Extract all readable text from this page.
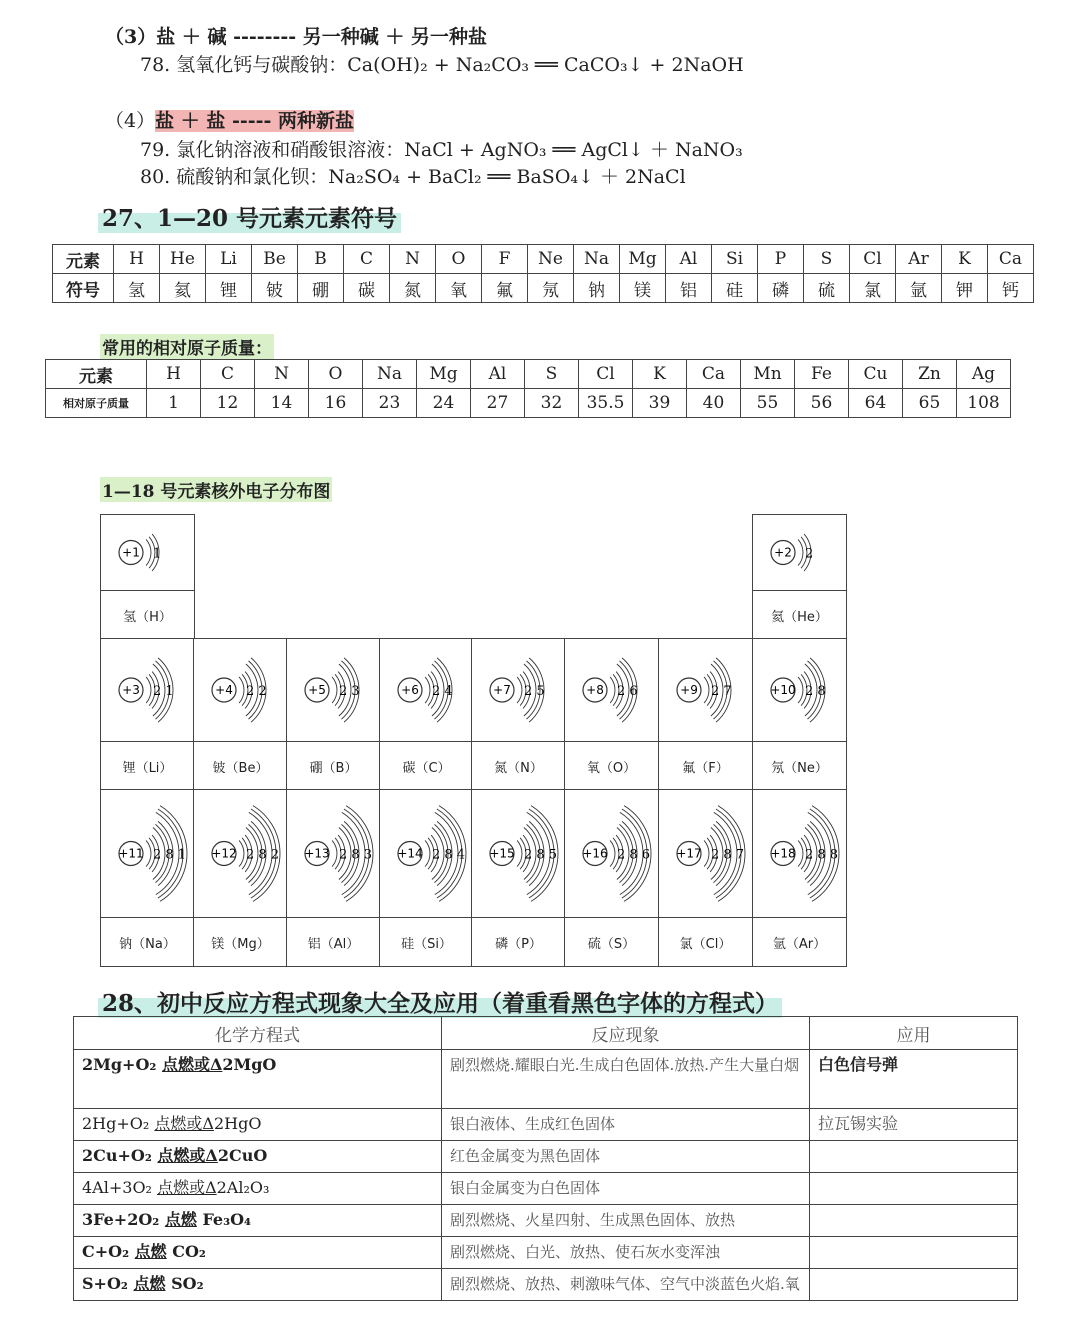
（3）盐 ＋ 碱 -------- 另一种碱 ＋ 另一种盐
78. 氢氧化钙与碳酸钠：Ca(OH)₂ + Na₂CO₃ ══ CaCO₃↓ + 2NaOH
（4）盐 ＋ 盐 ----- 两种新盐
79. 氯化钠溶液和硝酸银溶液：NaCl + AgNO₃ ══ AgCl↓ ＋ NaNO₃
80. 硫酸钠和氯化钡：Na₂SO₄ + BaCl₂ ══ BaSO₄↓ ＋ 2NaCl
27、1—20 号元素元素符号
元素	H	He	Li	Be	B	C	N	O	F	Ne	Na	Mg	Al	Si	P	S	Cl	Ar	K	Ca
符号	氢	氦	锂	铍	硼	碳	氮	氧	氟	氖	钠	镁	铝	硅	磷	硫	氯	氩	钾	钙
常用的相对原子质量：
元素	H	C	N	O	Na	Mg	Al	S	Cl	K	Ca	Mn	Fe	Cu	Zn	Ag
相对原子质量	1	12	14	16	23	24	27	32	35.5	39	40	55	56	64	65	108
1—18 号元素核外电子分布图
+1 1
氢（H）
+2 2
氦（He）
+3 2 1
锂（Li）
+4 2 2
铍（Be）
+5 2 3
硼（B）
+6 2 4
碳（C）
+7 2 5
氮（N）
+8 2 6
氧（O）
+9 2 7
氟（F）
+10 2 8
氖（Ne）
+11 2 8 1
钠（Na）
+12 2 8 2
镁（Mg）
+13 2 8 3
铝（Al）
+14 2 8 4
硅（Si）
+15 2 8 5
磷（P）
+16 2 8 6
硫（S）
+17 2 8 7
氯（Cl）
+18 2 8 8
氩（Ar）
28、初中反应方程式现象大全及应用（着重看黑色字体的方程式）
化学方程式	反应现象	应用
2Mg+O₂ 点燃或Δ2MgO	剧烈燃烧.耀眼白光.生成白色固体.放热.产生大量白烟	白色信号弹
2Hg+O₂ 点燃或Δ2HgO	银白液体、生成红色固体	拉瓦锡实验
2Cu+O₂ 点燃或Δ2CuO	红色金属变为黑色固体	
4Al+3O₂ 点燃或Δ2Al₂O₃	银白金属变为白色固体	
3Fe+2O₂ 点燃 Fe₃O₄	剧烈燃烧、火星四射、生成黑色固体、放热	
C+O₂ 点燃 CO₂	剧烈燃烧、白光、放热、使石灰水变浑浊	
S+O₂ 点燃 SO₂	剧烈燃烧、放热、刺激味气体、空气中淡蓝色火焰.氧	
